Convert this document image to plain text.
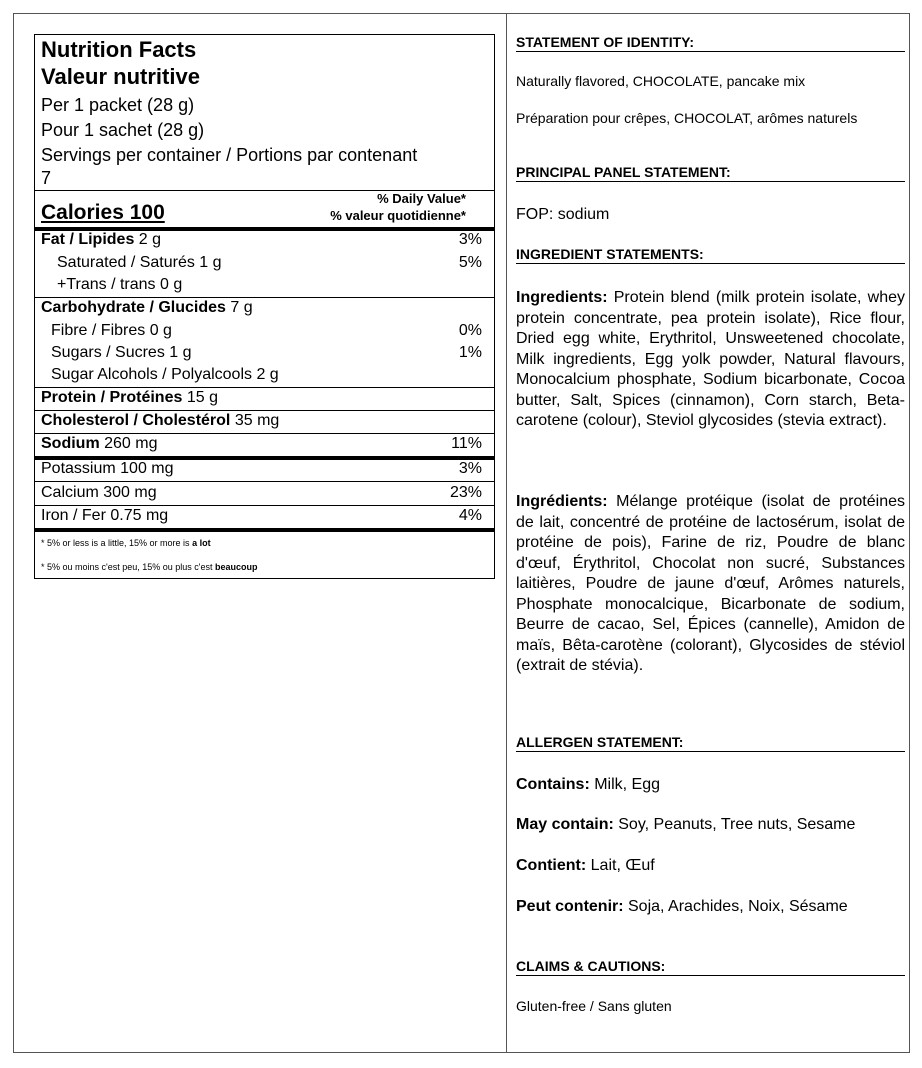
Nutrition Facts
Valeur nutritive
Per 1 packet (28 g)
Pour 1 sachet (28 g)
Servings per container / Portions par contenant
7
% Daily Value*
% valeur quotidienne*
Calories 100
Fat / Lipides 2 g	3%
Saturated / Saturés 1 g	5%
+Trans / trans 0 g
Carbohydrate / Glucides 7 g
Fibre / Fibres 0 g	0%
Sugars / Sucres 1 g	1%
Sugar Alcohols / Polyalcools 2 g
Protein / Protéines 15 g
Cholesterol / Cholestérol 35 mg
Sodium 260 mg	11%
Potassium 100 mg	3%
Calcium 300 mg	23%
Iron / Fer 0.75 mg	4%
* 5% or less is a little, 15% or more is a lot
* 5% ou moins c'est peu, 15% ou plus c'est beaucoup
STATEMENT OF IDENTITY:
Naturally flavored, CHOCOLATE, pancake mix
Préparation pour crêpes, CHOCOLAT, arômes naturels
PRINCIPAL PANEL STATEMENT:
FOP: sodium
INGREDIENT STATEMENTS:
Ingredients: Protein blend (milk protein isolate, whey protein concentrate, pea protein isolate), Rice flour, Dried egg white, Erythritol, Unsweetened chocolate, Milk ingredients, Egg yolk powder, Natural flavours, Monocalcium phosphate, Sodium bicarbonate, Cocoa butter, Salt, Spices (cinnamon), Corn starch, Beta-carotene (colour), Steviol glycosides (stevia extract).
Ingrédients: Mélange protéique (isolat de protéines de lait, concentré de protéine de lactosérum, isolat de protéine de pois), Farine de riz, Poudre de blanc d'œuf, Érythritol, Chocolat non sucré, Substances laitières, Poudre de jaune d'œuf, Arômes naturels, Phosphate monocalcique, Bicarbonate de sodium, Beurre de cacao, Sel, Épices (cannelle), Amidon de maïs, Bêta-carotène (colorant), Glycosides de stéviol (extrait de stévia).
ALLERGEN STATEMENT:
Contains: Milk, Egg
May contain: Soy, Peanuts, Tree nuts, Sesame
Contient: Lait, Œuf
Peut contenir: Soja, Arachides, Noix, Sésame
CLAIMS & CAUTIONS:
Gluten-free / Sans gluten
